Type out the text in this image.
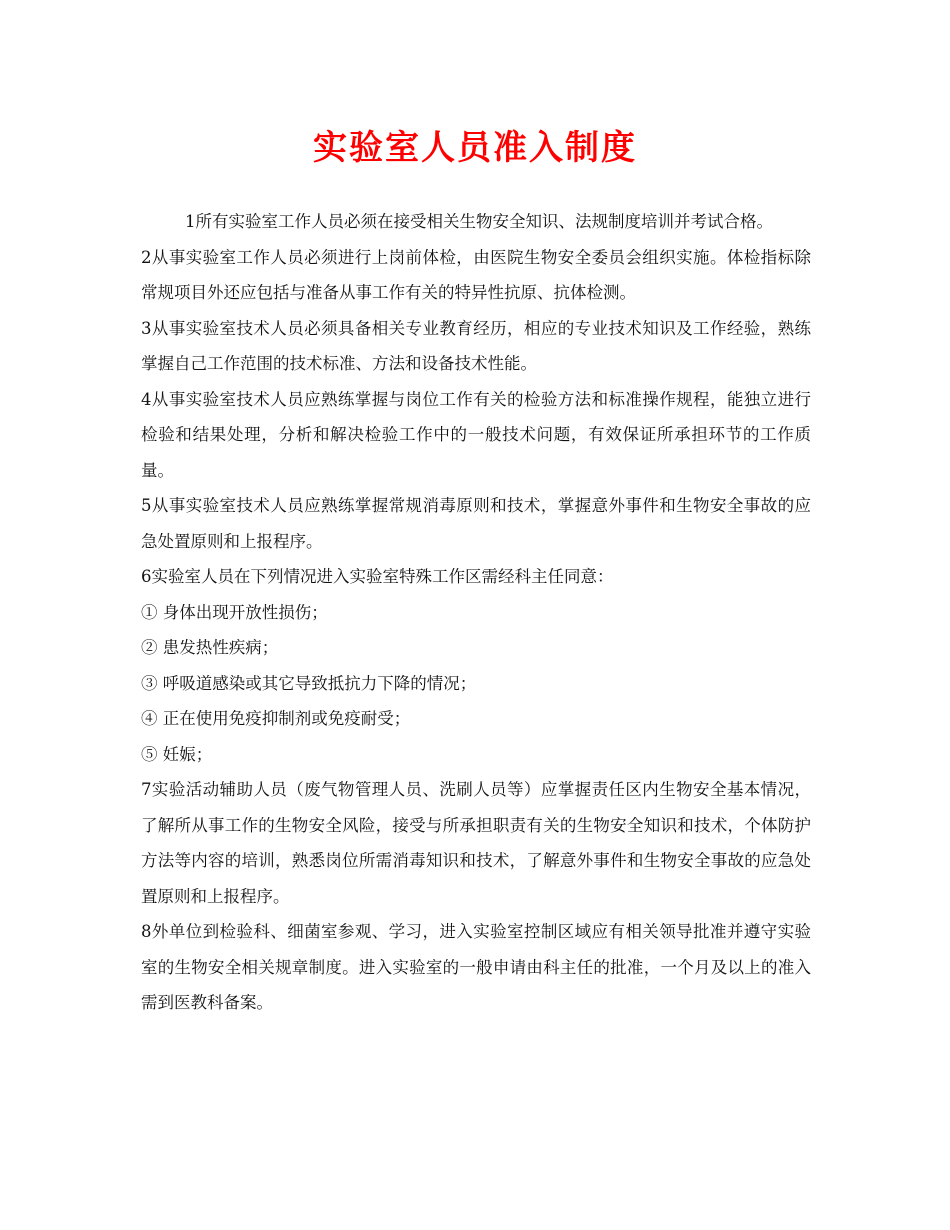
实验室人员准入制度

1所有实验室工作人员必须在接受相关生物安全知识、法规制度培训并考试合格。

2从事实验室工作人员必须进行上岗前体检，由医院生物安全委员会组织实施。体检指标除常规项目外还应包括与准备从事工作有关的特异性抗原、抗体检测。

3从事实验室技术人员必须具备相关专业教育经历，相应的专业技术知识及工作经验，熟练掌握自己工作范围的技术标准、方法和设备技术性能。

4从事实验室技术人员应熟练掌握与岗位工作有关的检验方法和标准操作规程，能独立进行检验和结果处理，分析和解决检验工作中的一般技术问题，有效保证所承担环节的工作质量。

5从事实验室技术人员应熟练掌握常规消毒原则和技术，掌握意外事件和生物安全事故的应急处置原则和上报程序。

6实验室人员在下列情况进入实验室特殊工作区需经科主任同意：

① 身体出现开放性损伤；

② 患发热性疾病；

③ 呼吸道感染或其它导致抵抗力下降的情况；

④ 正在使用免疫抑制剂或免疫耐受；

⑤ 妊娠；

7实验活动辅助人员（废气物管理人员、洗刷人员等）应掌握责任区内生物安全基本情况，了解所从事工作的生物安全风险，接受与所承担职责有关的生物安全知识和技术，个体防护方法等内容的培训，熟悉岗位所需消毒知识和技术，了解意外事件和生物安全事故的应急处置原则和上报程序。

8外单位到检验科、细菌室参观、学习，进入实验室控制区域应有相关领导批准并遵守实验室的生物安全相关规章制度。进入实验室的一般申请由科主任的批准，一个月及以上的准入需到医教科备案。
